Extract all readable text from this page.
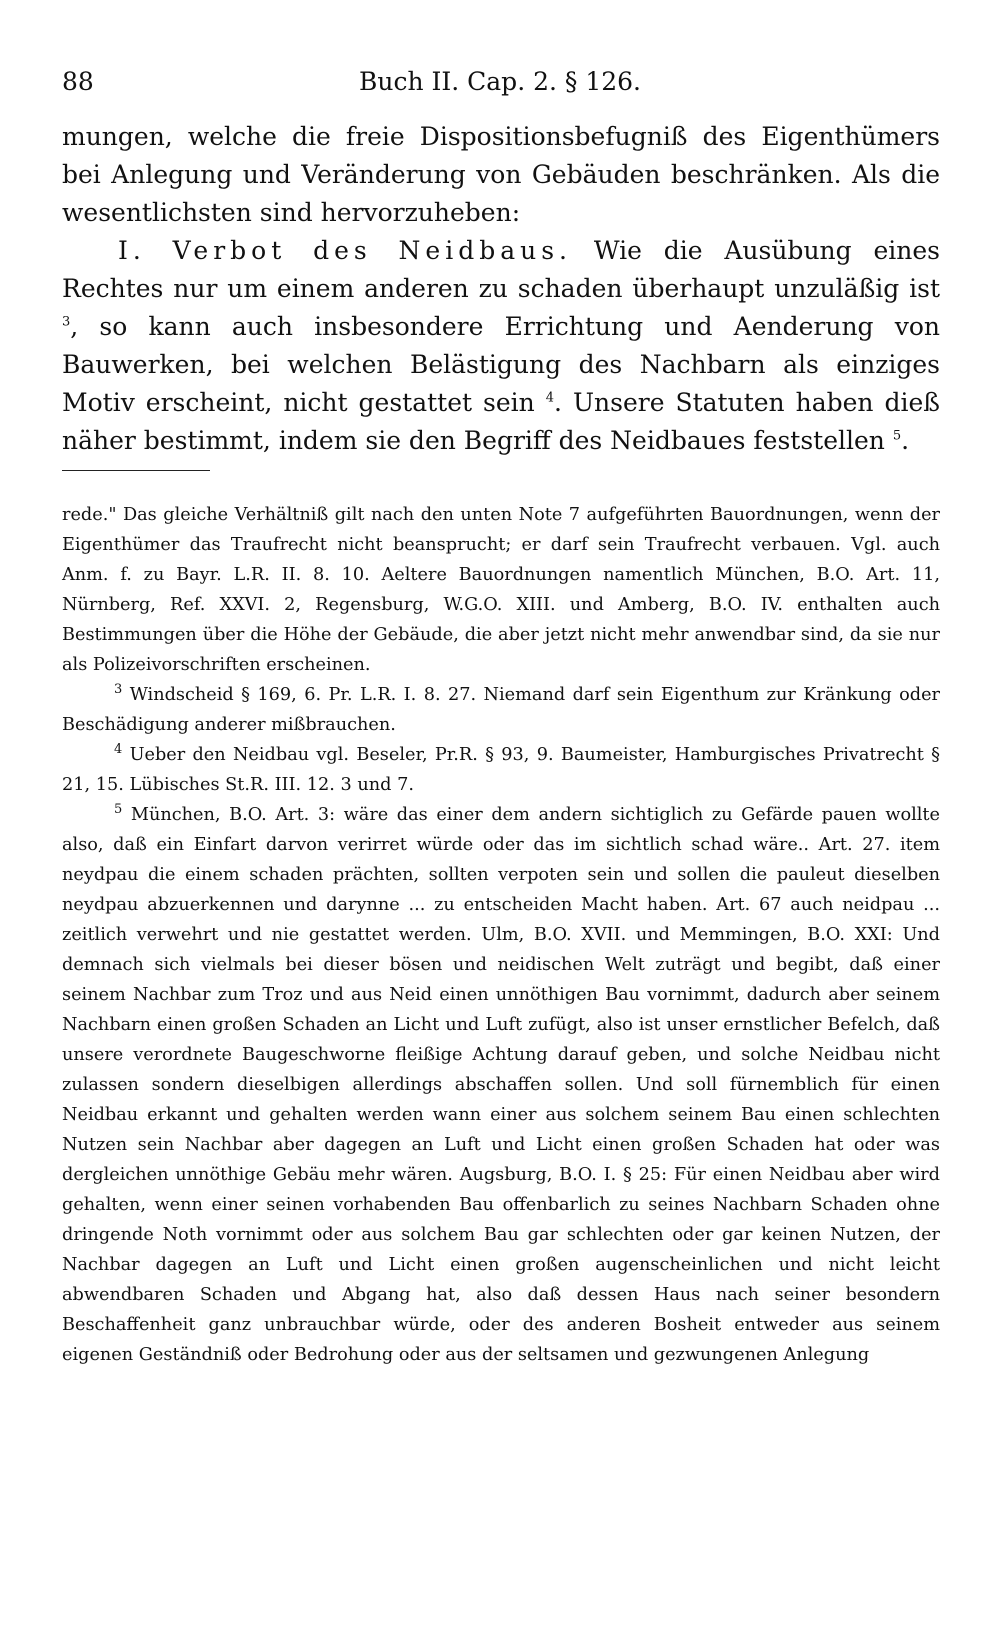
88	Buch II. Cap. 2. § 126.

mungen, welche die freie Dispositionsbefugniß des Eigenthümers bei Anlegung und Veränderung von Gebäuden beschränken. Als die wesentlichsten sind hervorzuheben:

I. Verbot des Neidbaus. Wie die Ausübung eines Rechtes nur um einem anderen zu schaden überhaupt unzuläßig ist $^3$, so kann auch insbesondere Errichtung und Aenderung von Bauwerken, bei welchen Belästigung des Nachbarn als einziges Motiv erscheint, nicht gestattet sein $^4$. Unsere Statuten haben dieß näher bestimmt, indem sie den Begriff des Neidbaues feststellen $^5$.

rede." Das gleiche Verhältniß gilt nach den unten Note 7 aufgeführten Bauordnungen, wenn der Eigenthümer das Traufrecht nicht beansprucht; er darf sein Traufrecht verbauen. Vgl. auch Anm. f. zu Bayr. L.R. II. 8. 10. Aeltere Bauordnungen namentlich München, B.O. Art. 11, Nürnberg, Ref. XXVI. 2, Regensburg, W.G.O. XIII. und Amberg, B.O. IV. enthalten auch Bestimmungen über die Höhe der Gebäude, die aber jetzt nicht mehr anwendbar sind, da sie nur als Polizeivorschriften erscheinen.

$^3$ Windscheid § 169, 6. Pr. L.R. I. 8. 27. Niemand darf sein Eigenthum zur Kränkung oder Beschädigung anderer mißbrauchen.

$^4$ Ueber den Neidbau vgl. Beseler, Pr.R. § 93, 9. Baumeister, Hamburgisches Privatrecht § 21, 15. Lübisches St.R. III. 12. 3 und 7.

$^5$ München, B.O. Art. 3: wäre das einer dem andern sichtiglich zu Gefärde pauen wollte also, daß ein Einfart darvon verirret würde oder das im sichtlich schad wäre.. Art. 27. item neydpau die einem schaden prächten, sollten verpoten sein und sollen die pauleut dieselben neydpau abzuerkennen und darynne ... zu entscheiden Macht haben. Art. 67 auch neidpau ... zeitlich verwehrt und nie gestattet werden. Ulm, B.O. XVII. und Memmingen, B.O. XXI: Und demnach sich vielmals bei dieser bösen und neidischen Welt zuträgt und begibt, daß einer seinem Nachbar zum Troz und aus Neid einen unnöthigen Bau vornimmt, dadurch aber seinem Nachbarn einen großen Schaden an Licht und Luft zufügt, also ist unser ernstlicher Befelch, daß unsere verordnete Baugeschworne fleißige Achtung darauf geben, und solche Neidbau nicht zulassen sondern dieselbigen allerdings abschaffen sollen. Und soll fürnemblich für einen Neidbau erkannt und gehalten werden wann einer aus solchem seinem Bau einen schlechten Nutzen sein Nachbar aber dagegen an Luft und Licht einen großen Schaden hat oder was dergleichen unnöthige Gebäu mehr wären. Augsburg, B.O. I. § 25: Für einen Neidbau aber wird gehalten, wenn einer seinen vorhabenden Bau offenbarlich zu seines Nachbarn Schaden ohne dringende Noth vornimmt oder aus solchem Bau gar schlechten oder gar keinen Nutzen, der Nachbar dagegen an Luft und Licht einen großen augenscheinlichen und nicht leicht abwendbaren Schaden und Abgang hat, also daß dessen Haus nach seiner besondern Beschaffenheit ganz unbrauchbar würde, oder des anderen Bosheit entweder aus seinem eigenen Geständniß oder Bedrohung oder aus der seltsamen und gezwungenen Anlegung
